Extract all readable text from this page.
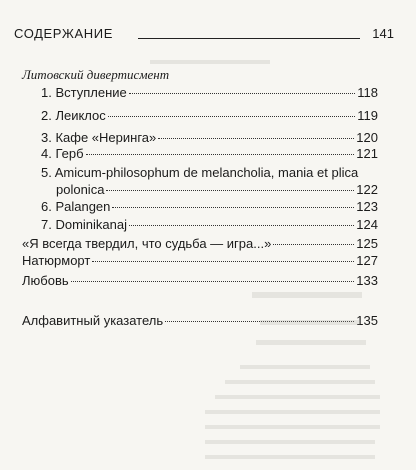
СОДЕРЖАНИЕ	141
Литовский дивертисмент
1. Вступление	118
2. Леиклос	119
3. Кафе «Неринга»	120
4. Герб	121
5. Amicum-philosophum de melancholia, mania et plica
polonica	122
6. Palangen	123
7. Dominikanaj	124
«Я всегда твердил, что судьба — игра...»	125
Натюрморт	127
Любовь	133
Алфавитный указатель	135
